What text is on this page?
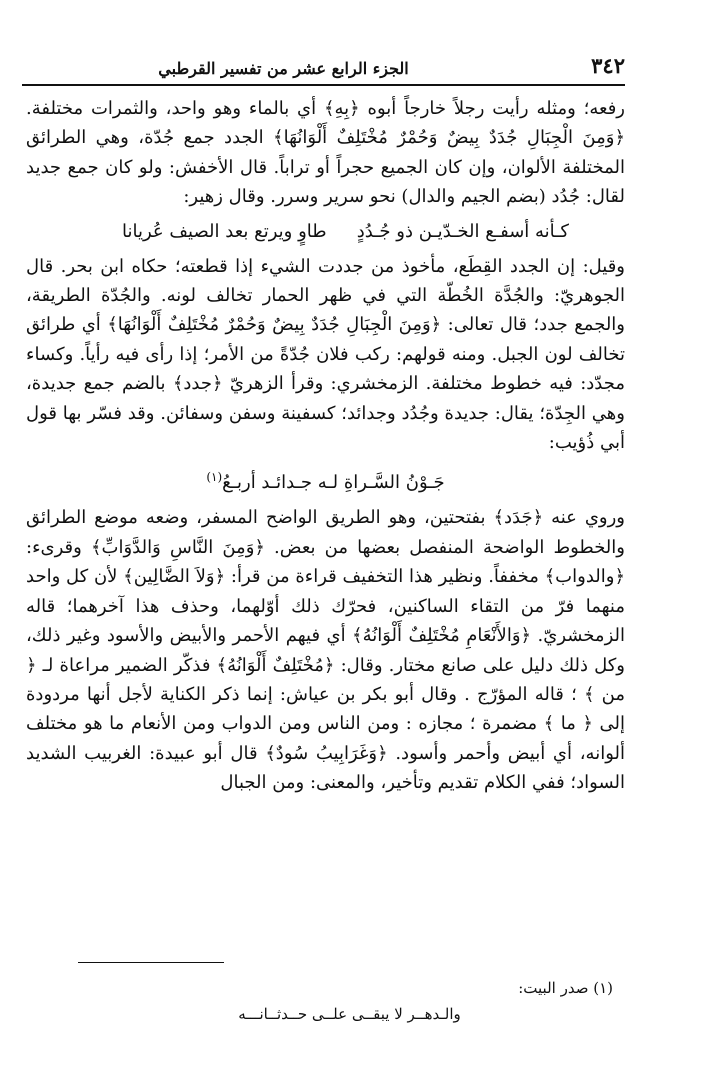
٣٤٢
الجزء الرابع عشر من تفسير القرطبي

رفعه؛ ومثله رأيت رجلاً خارجاً أبوه ﴿بِهِ﴾ أي بالماء وهو واحد، والثمرات مختلفة. ﴿وَمِنَ الْجِبَالِ جُدَدٌ بِيضٌ وَحُمْرٌ مُخْتَلِفٌ أَلْوَانُهَا﴾ الجدد جمع جُدّة، وهي الطرائق المختلفة الألوان، وإن كان الجميع حجراً أو تراباً. قال الأخفش: ولو كان جمع جديد لقال: جُدُد (بضم الجيم والدال) نحو سرير وسرر. وقال زهير:

كـأنه أسفـع الخـدّيـن ذو جُـدُدٍ
طاوٍ ويرتع بعد الصيف عُريانا

وقيل: إن الجدد القِطَع، مأخوذ من جددت الشيء إذا قطعته؛ حكاه ابن بحر. قال الجوهريّ: والجُدَّة الخُطّة التي في ظهر الحمار تخالف لونه. والجُدّة الطريقة، والجمع جدد؛ قال تعالى: ﴿وَمِنَ الْجِبَالِ جُدَدٌ بِيضٌ وَحُمْرٌ مُخْتَلِفٌ أَلْوَانُهَا﴾ أي طرائق تخالف لون الجبل. ومنه قولهم: ركب فلان جُدّةً من الأمر؛ إذا رأى فيه رأياً. وكساء مجدّد: فيه خطوط مختلفة. الزمخشري: وقرأ الزهريّ ﴿جدد﴾ بالضم جمع جديدة، وهي الجِدّة؛ يقال: جديدة وجُدُد وجدائد؛ كسفينة وسفن وسفائن. وقد فسّر بها قول أبي ذُؤيب:

جَـوْنُ السَّـراةِ لـه جـدائـد أربـعُ$^{(١)}$

وروي عنه ﴿جَدَد﴾ بفتحتين، وهو الطريق الواضح المسفر، وضعه موضع الطرائق والخطوط الواضحة المنفصل بعضها من بعض. ﴿وَمِنَ النَّاسِ وَالدَّوَابِّ﴾ وقرىء: ﴿والدواب﴾ مخففاً. ونظير هذا التخفيف قراءة من قرأ: ﴿وَلاَ الضَّالِين﴾ لأن كل واحد منهما فرّ من التقاء الساكنين، فحرّك ذلك أوّلهما، وحذف هذا آخرهما؛ قاله الزمخشريّ. ﴿وَالأَنْعَامِ مُخْتَلِفٌ أَلْوَانُهُ﴾ أي فيهم الأحمر والأبيض والأسود وغير ذلك، وكل ذلك دليل على صانع مختار. وقال: ﴿مُخْتَلِفٌ أَلْوَانُهُ﴾ فذكّر الضمير مراعاة لـ ﴿ من ﴾ ؛ قاله المؤرّج . وقال أبو بكر بن عياش: إنما ذكر الكناية لأجل أنها مردودة إلى ﴿ ما ﴾ مضمرة ؛ مجازه : ومن الناس ومن الدواب ومن الأنعام ما هو مختلف ألوانه، أي أبيض وأحمر وأسود. ﴿وَغَرَابِيبُ سُودٌ﴾ قال أبو عبيدة: الغربيب الشديد السواد؛ ففي الكلام تقديم وتأخير، والمعنى: ومن الجبال

(١) صدر البيت:
والـدهــر لا يبقــى علــى حــدثــانـــه
